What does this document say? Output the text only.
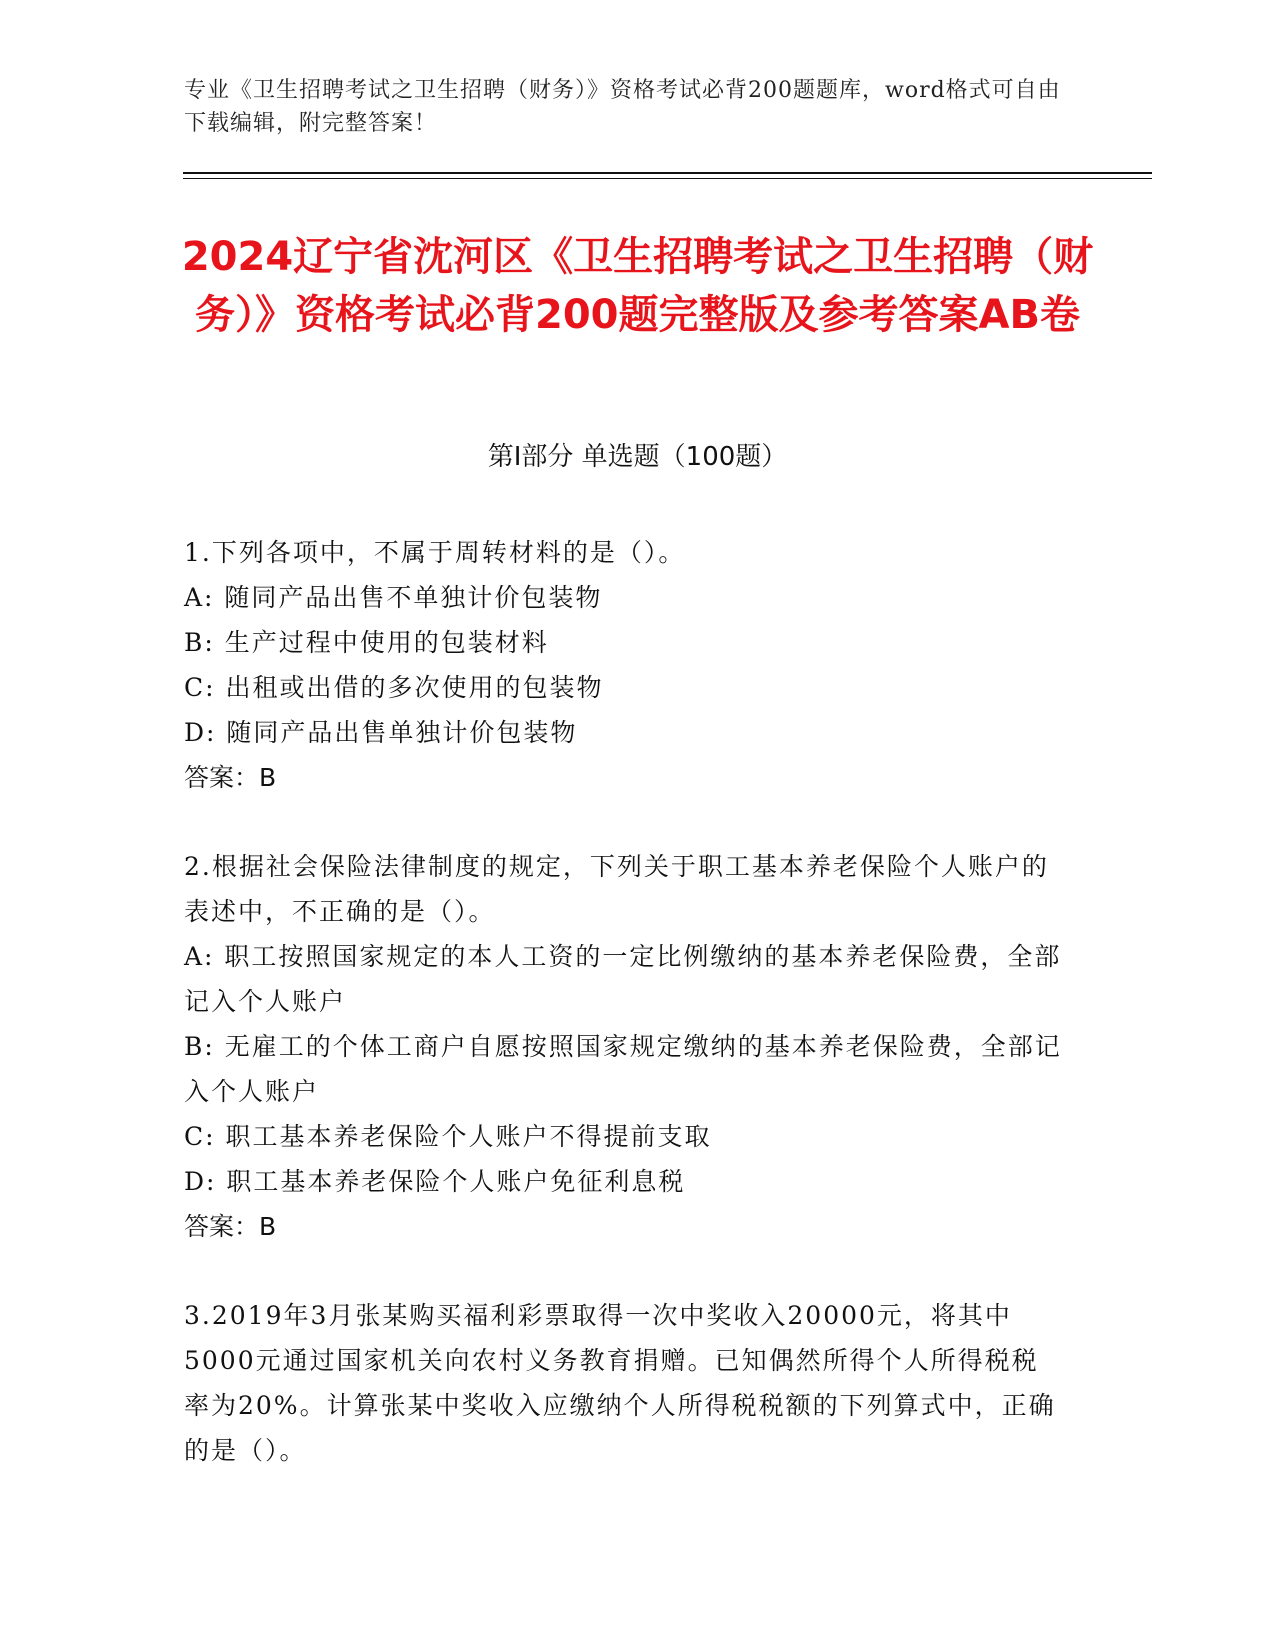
专业《卫生招聘考试之卫生招聘（财务）》资格考试必背200题题库，word格式可自由下载编辑，附完整答案！
2024辽宁省沈河区《卫生招聘考试之卫生招聘（财务）》资格考试必背200题完整版及参考答案AB卷
第I部分 单选题（100题）
1.下列各项中，不属于周转材料的是（）。
A: 随同产品出售不单独计价包装物
B: 生产过程中使用的包装材料
C: 出租或出借的多次使用的包装物
D: 随同产品出售单独计价包装物
答案：B
2.根据社会保险法律制度的规定，下列关于职工基本养老保险个人账户的表述中，不正确的是（）。
A: 职工按照国家规定的本人工资的一定比例缴纳的基本养老保险费，全部记入个人账户
B: 无雇工的个体工商户自愿按照国家规定缴纳的基本养老保险费，全部记入个人账户
C: 职工基本养老保险个人账户不得提前支取
D: 职工基本养老保险个人账户免征利息税
答案：B
3.2019年3月张某购买福利彩票取得一次中奖收入20000元，将其中5000元通过国家机关向农村义务教育捐赠。已知偶然所得个人所得税税率为20%。计算张某中奖收入应缴纳个人所得税税额的下列算式中，正确的是（）。
